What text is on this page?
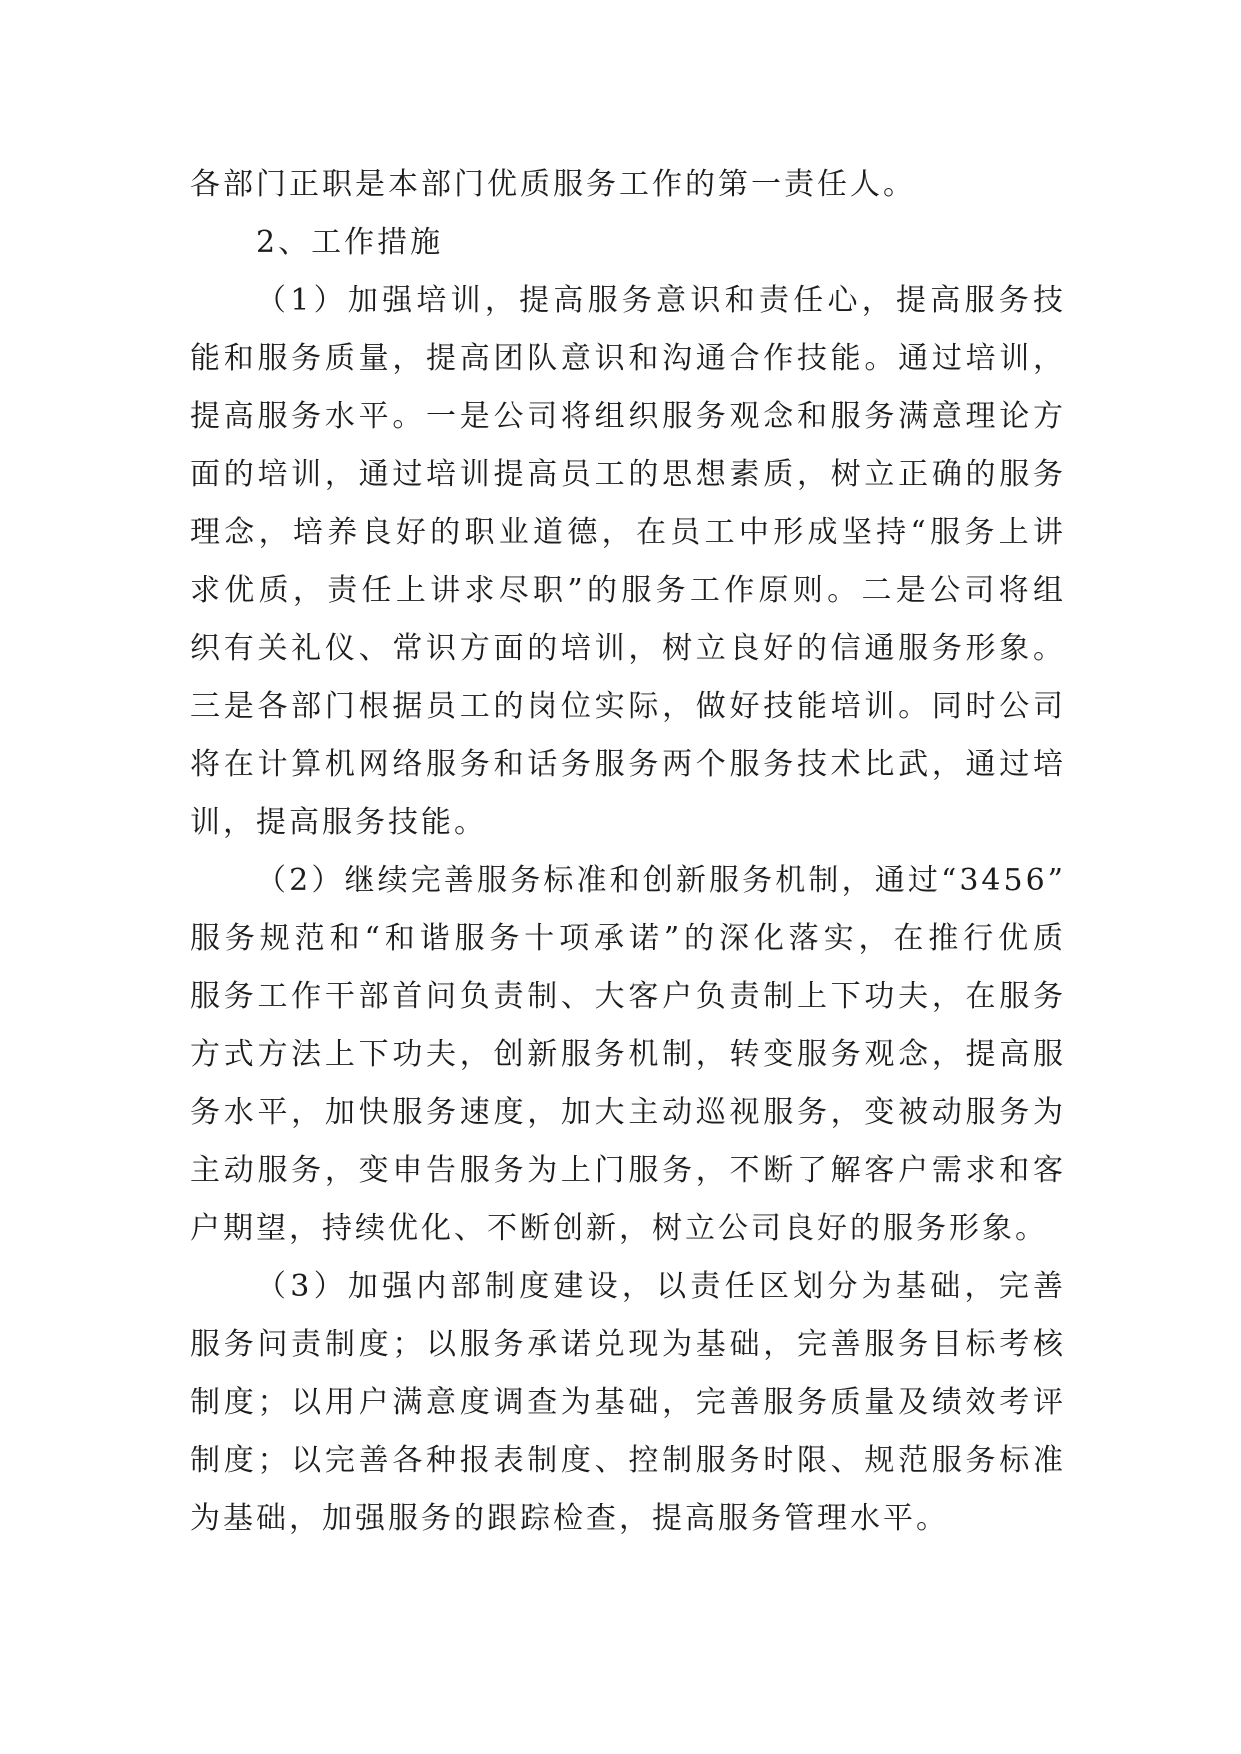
各部门正职是本部门优质服务工作的第一责任人。
2、工作措施
（1）加强培训，提高服务意识和责任心，提高服务技
能和服务质量，提高团队意识和沟通合作技能。通过培训，
提高服务水平。一是公司将组织服务观念和服务满意理论方
面的培训，通过培训提高员工的思想素质，树立正确的服务
理念，培养良好的职业道德，在员工中形成坚持“服务上讲
求优质，责任上讲求尽职”的服务工作原则。二是公司将组
织有关礼仪、常识方面的培训，树立良好的信通服务形象。
三是各部门根据员工的岗位实际，做好技能培训。同时公司
将在计算机网络服务和话务服务两个服务技术比武，通过培
训，提高服务技能。
（2）继续完善服务标准和创新服务机制，通过“3456”
服务规范和“和谐服务十项承诺”的深化落实，在推行优质
服务工作干部首问负责制、大客户负责制上下功夫，在服务
方式方法上下功夫，创新服务机制，转变服务观念，提高服
务水平，加快服务速度，加大主动巡视服务，变被动服务为
主动服务，变申告服务为上门服务，不断了解客户需求和客
户期望，持续优化、不断创新，树立公司良好的服务形象。
（3）加强内部制度建设，以责任区划分为基础，完善
服务问责制度；以服务承诺兑现为基础，完善服务目标考核
制度；以用户满意度调查为基础，完善服务质量及绩效考评
制度；以完善各种报表制度、控制服务时限、规范服务标准
为基础，加强服务的跟踪检查，提高服务管理水平。
